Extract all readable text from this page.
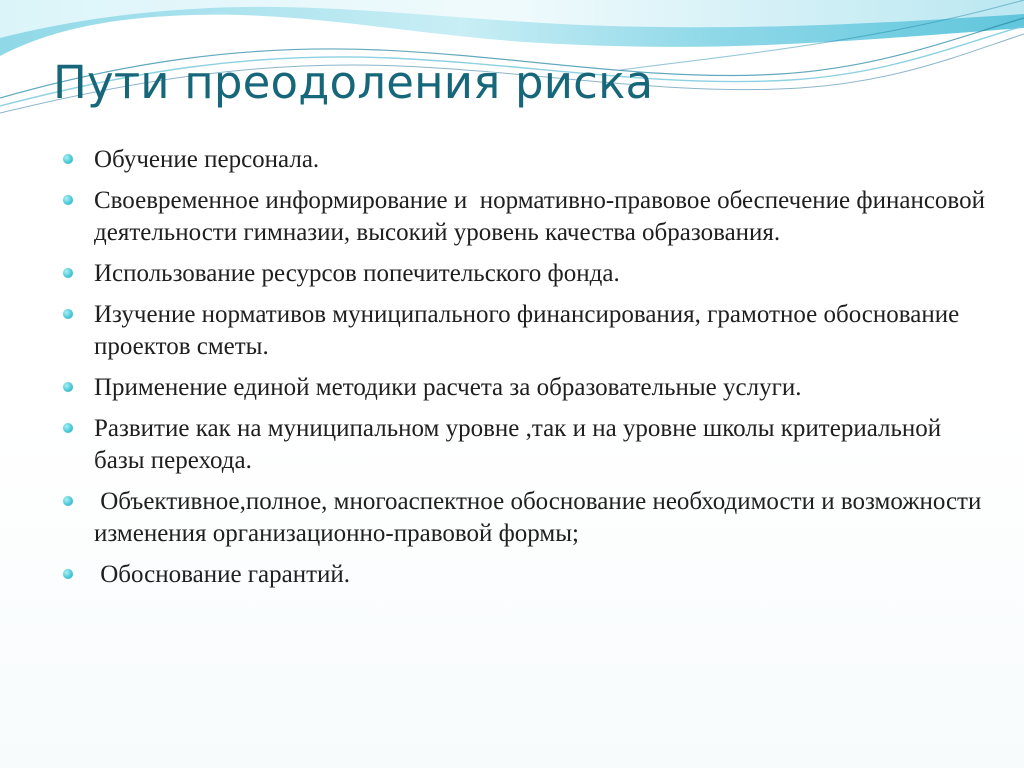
Пути преодоления риска
Обучение персонала.
Своевременное информирование и  нормативно-правовое обеспечение финансовой деятельности гимназии, высокий уровень качества образования.
Использование ресурсов попечительского фонда.
Изучение нормативов муниципального финансирования, грамотное обоснование проектов сметы.
Применение единой методики расчета за образовательные услуги.
Развитие как на муниципальном уровне ,так и на уровне школы критериальной базы перехода.
Объективное,полное, многоаспектное обоснование необходимости и возможности изменения организационно-правовой формы;
Обоснование гарантий.
